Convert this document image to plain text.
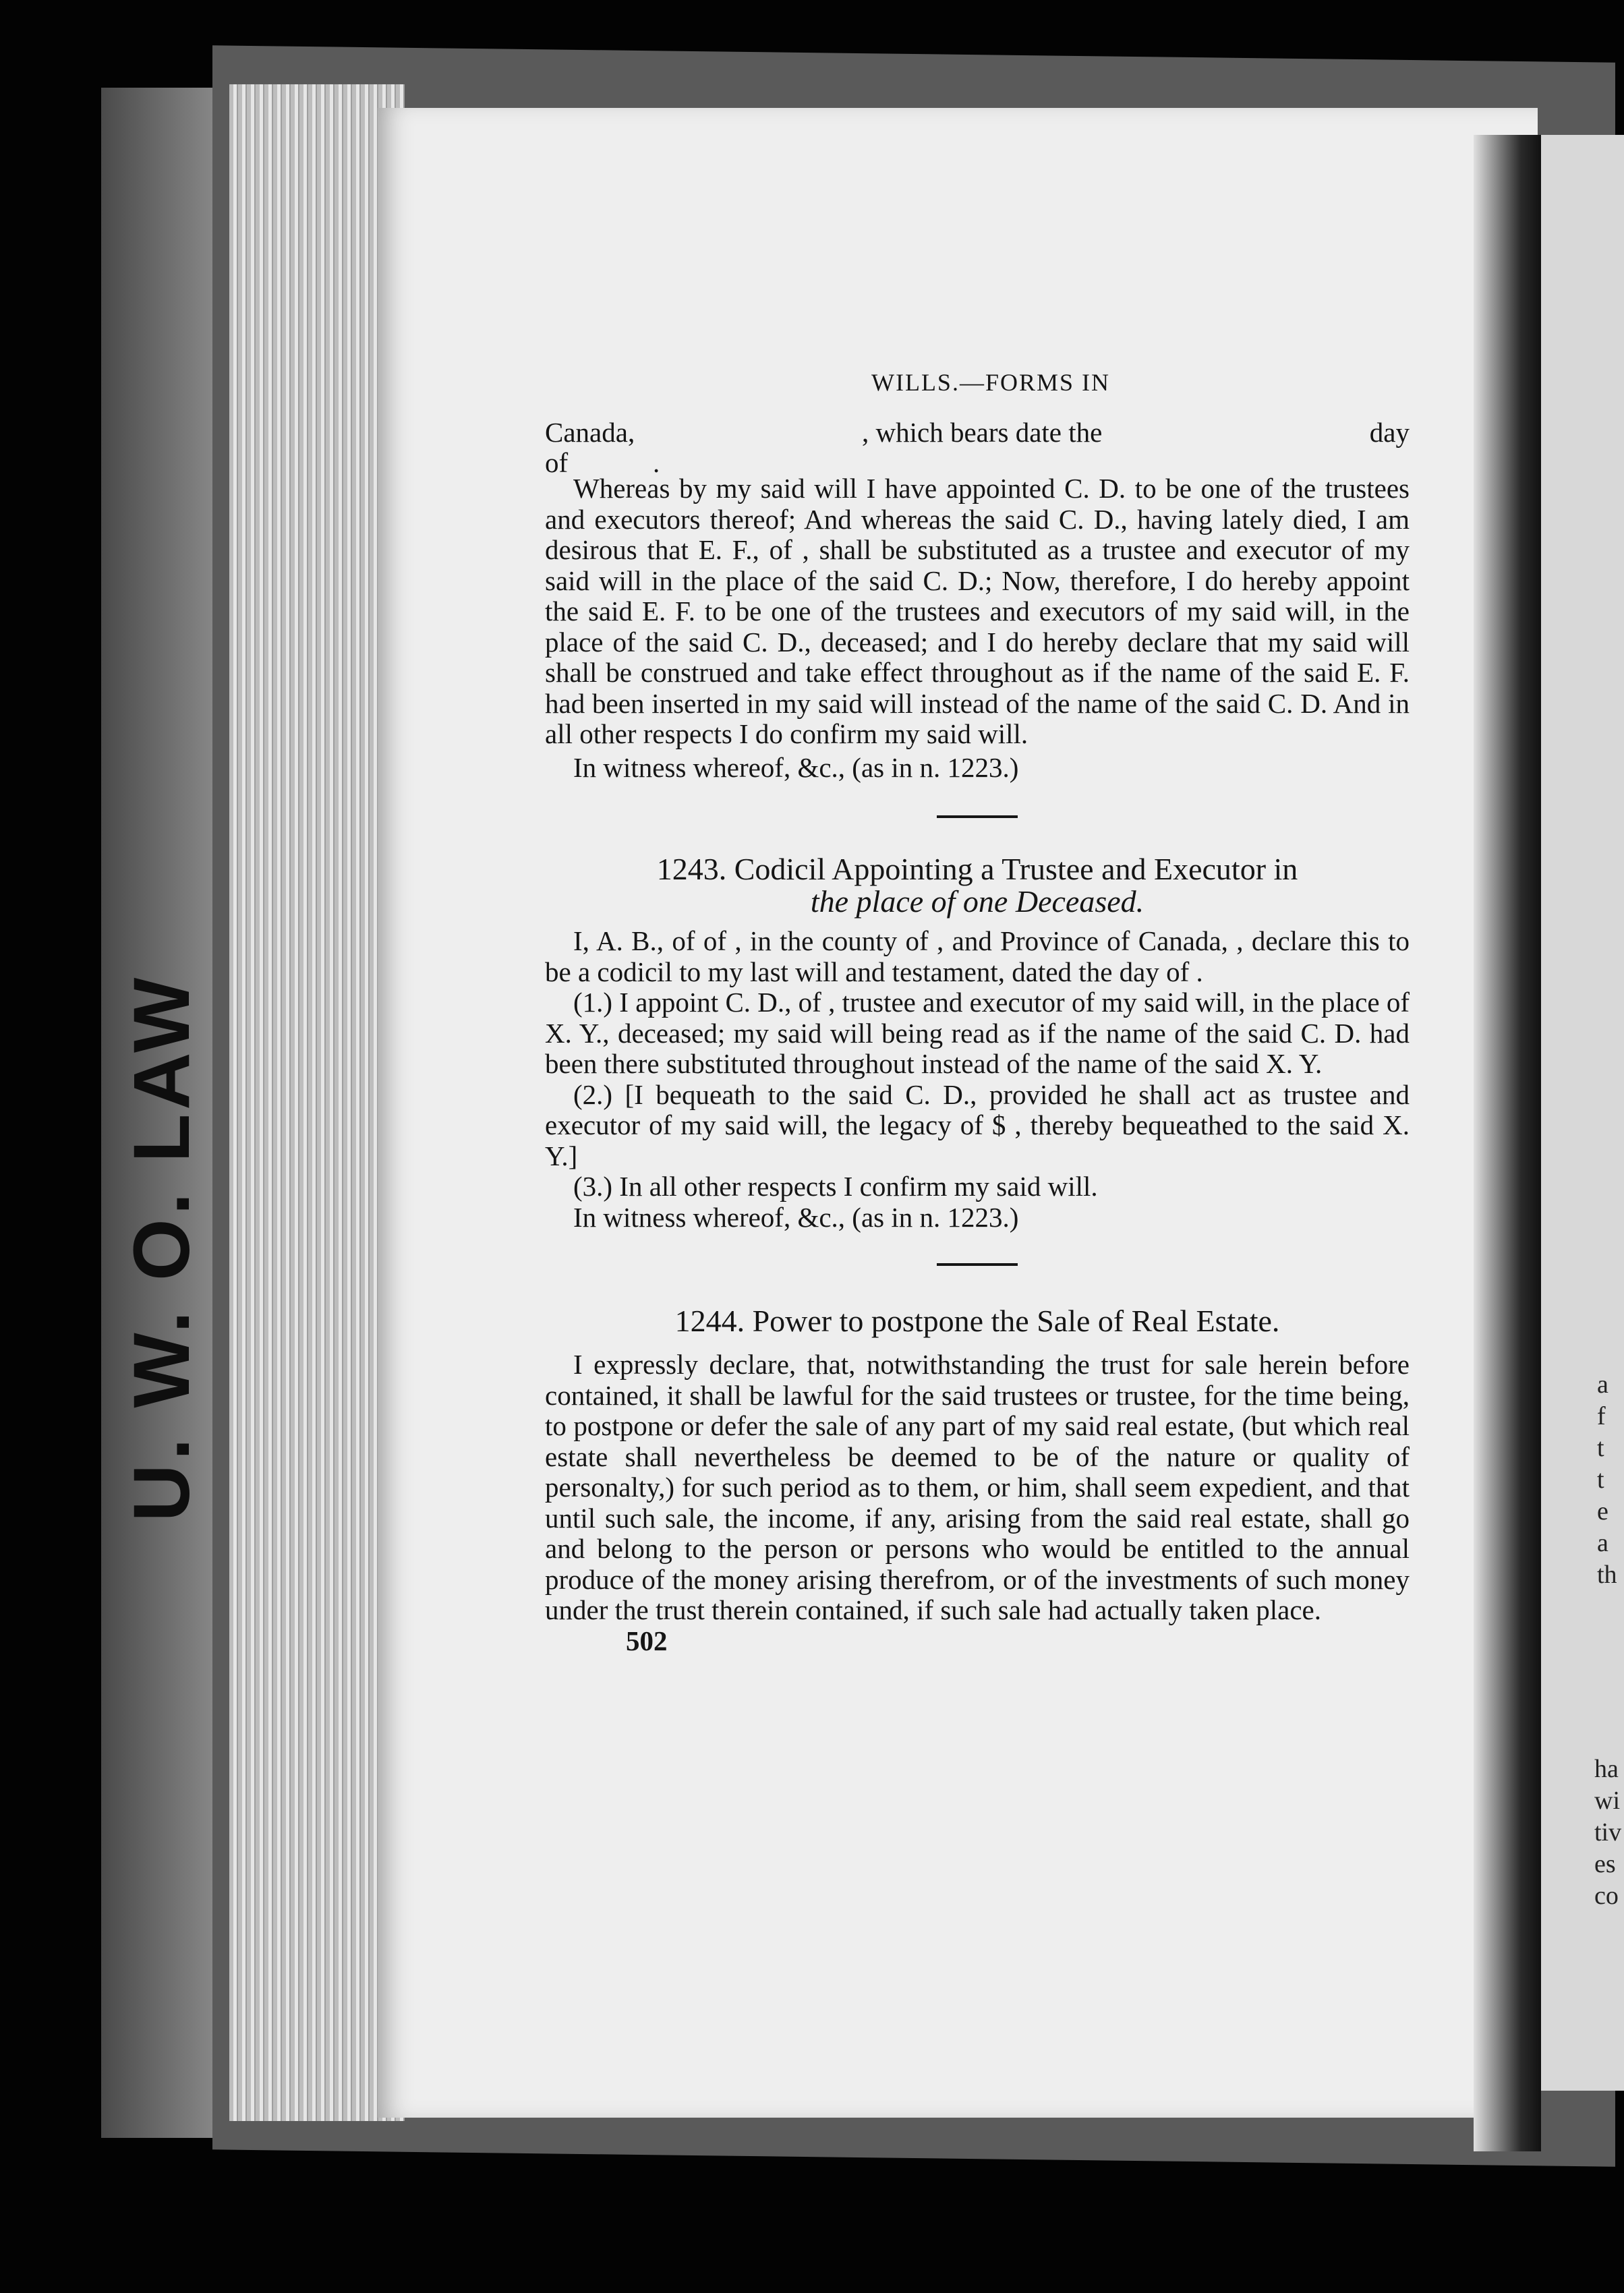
U. W. O. LAW	a
f
t
t
e
a
th
ha
wi
tiv
es
co

WILLS.—FORMS IN

Canada,	, which bears date the	day
of	.

Whereas by my said will I have appointed C. D. to be one of the trustees and executors thereof; And whereas the said C. D., having lately died, I am desirous that E. F., of , shall be substituted as a trustee and executor of my said will in the place of the said C. D.; Now, therefore, I do hereby appoint the said E. F. to be one of the trustees and executors of my said will, in the place of the said C. D., deceased; and I do hereby declare that my said will shall be construed and take effect throughout as if the name of the said E. F. had been inserted in my said will instead of the name of the said C. D. And in all other respects I do confirm my said will.

In witness whereof, &c., (as in n. 1223.)

1243. Codicil Appointing a Trustee and Executor in

the place of one Deceased.

I, A. B., of of , in the county of , and Province of Canada, , declare this to be a codicil to my last will and testament, dated the day of .

(1.) I appoint C. D., of , trustee and executor of my said will, in the place of X. Y., deceased; my said will being read as if the name of the said C. D. had been there substituted throughout instead of the name of the said X. Y.

(2.) [I bequeath to the said C. D., provided he shall act as trustee and executor of my said will, the legacy of $ , thereby bequeathed to the said X. Y.]

(3.) In all other respects I confirm my said will.

In witness whereof, &c., (as in n. 1223.)

1244. Power to postpone the Sale of Real Estate.

I expressly declare, that, notwithstanding the trust for sale herein before contained, it shall be lawful for the said trustees or trustee, for the time being, to postpone or defer the sale of any part of my said real estate, (but which real estate shall nevertheless be deemed to be of the nature or quality of personalty,) for such period as to them, or him, shall seem expedient, and that until such sale, the income, if any, arising from the said real estate, shall go and belong to the person or persons who would be entitled to the annual produce of the money arising therefrom, or of the investments of such money under the trust therein contained, if such sale had actually taken place.

502
